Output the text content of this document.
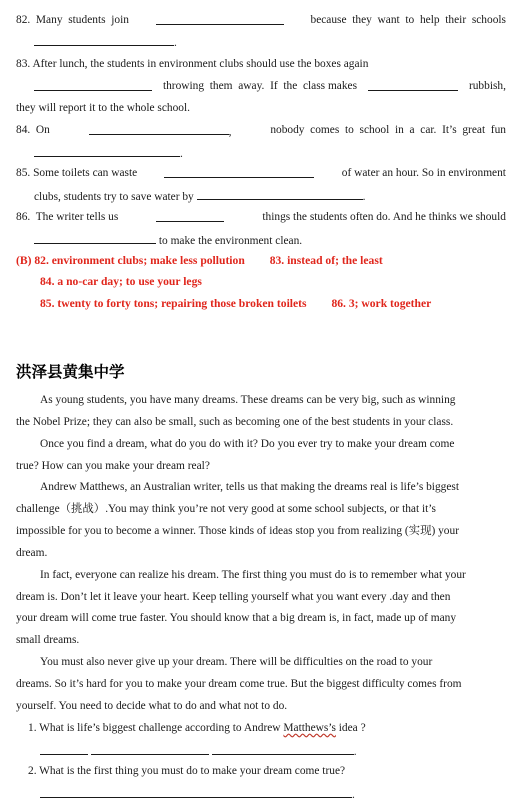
82.  Many  students  join	because  they  want  to  help  their  schools
.
83. After lunch, the students in environment clubs should use the boxes again
throwing  them  away.  If  the  class makes	rubbish,
they will report it to the whole school.
84.  On	,	nobody  comes  to  school  in  a  car.  It’s  great  fun
.
85. Some toilets can waste	of water an hour. So in environment
clubs, students try to save water by	.
86.  The writer tells us	things the students often do. And he thinks we should
to make the environment clean.
(B) 82. environment clubs; make less pollution 83. instead of; the least
84. a no-car day; to use your legs
85. twenty to forty tons; repairing those broken toilets 86. 3; work together
洪泽县黄集中学
As young students, you have many dreams. These dreams can be very big, such as winning
the Nobel Prize; they can also be small, such as becoming one of the best students in your class.
Once you find a dream, what do you do with it? Do you ever try to make your dream come
true? How can you make your dream real?
Andrew Matthews, an Australian writer, tells us that making the dreams real is life’s biggest
challenge（挑战）.You may think you’re not very good at some school subjects, or that it’s
impossible for you to become a winner. Those kinds of ideas stop you from realizing (实现) your
dream.
In fact, everyone can realize his dream. The first thing you must do is to remember what your
dream is. Don’t let it leave your heart. Keep telling yourself what you want every .day and then
your dream will come true faster. You should know that a big dream is, in fact, made up of many
small dreams.
You must also never give up your dream. There will be difficulties on the road to your
dreams. So it’s hard for you to make your dream come true. But the biggest difficulty comes from
yourself. You need to decide what to do and what not to do.
1. What is life’s biggest challenge according to Andrew Matthews’s idea ?
.
2. What is the first thing you must do to make your dream come true?
.
